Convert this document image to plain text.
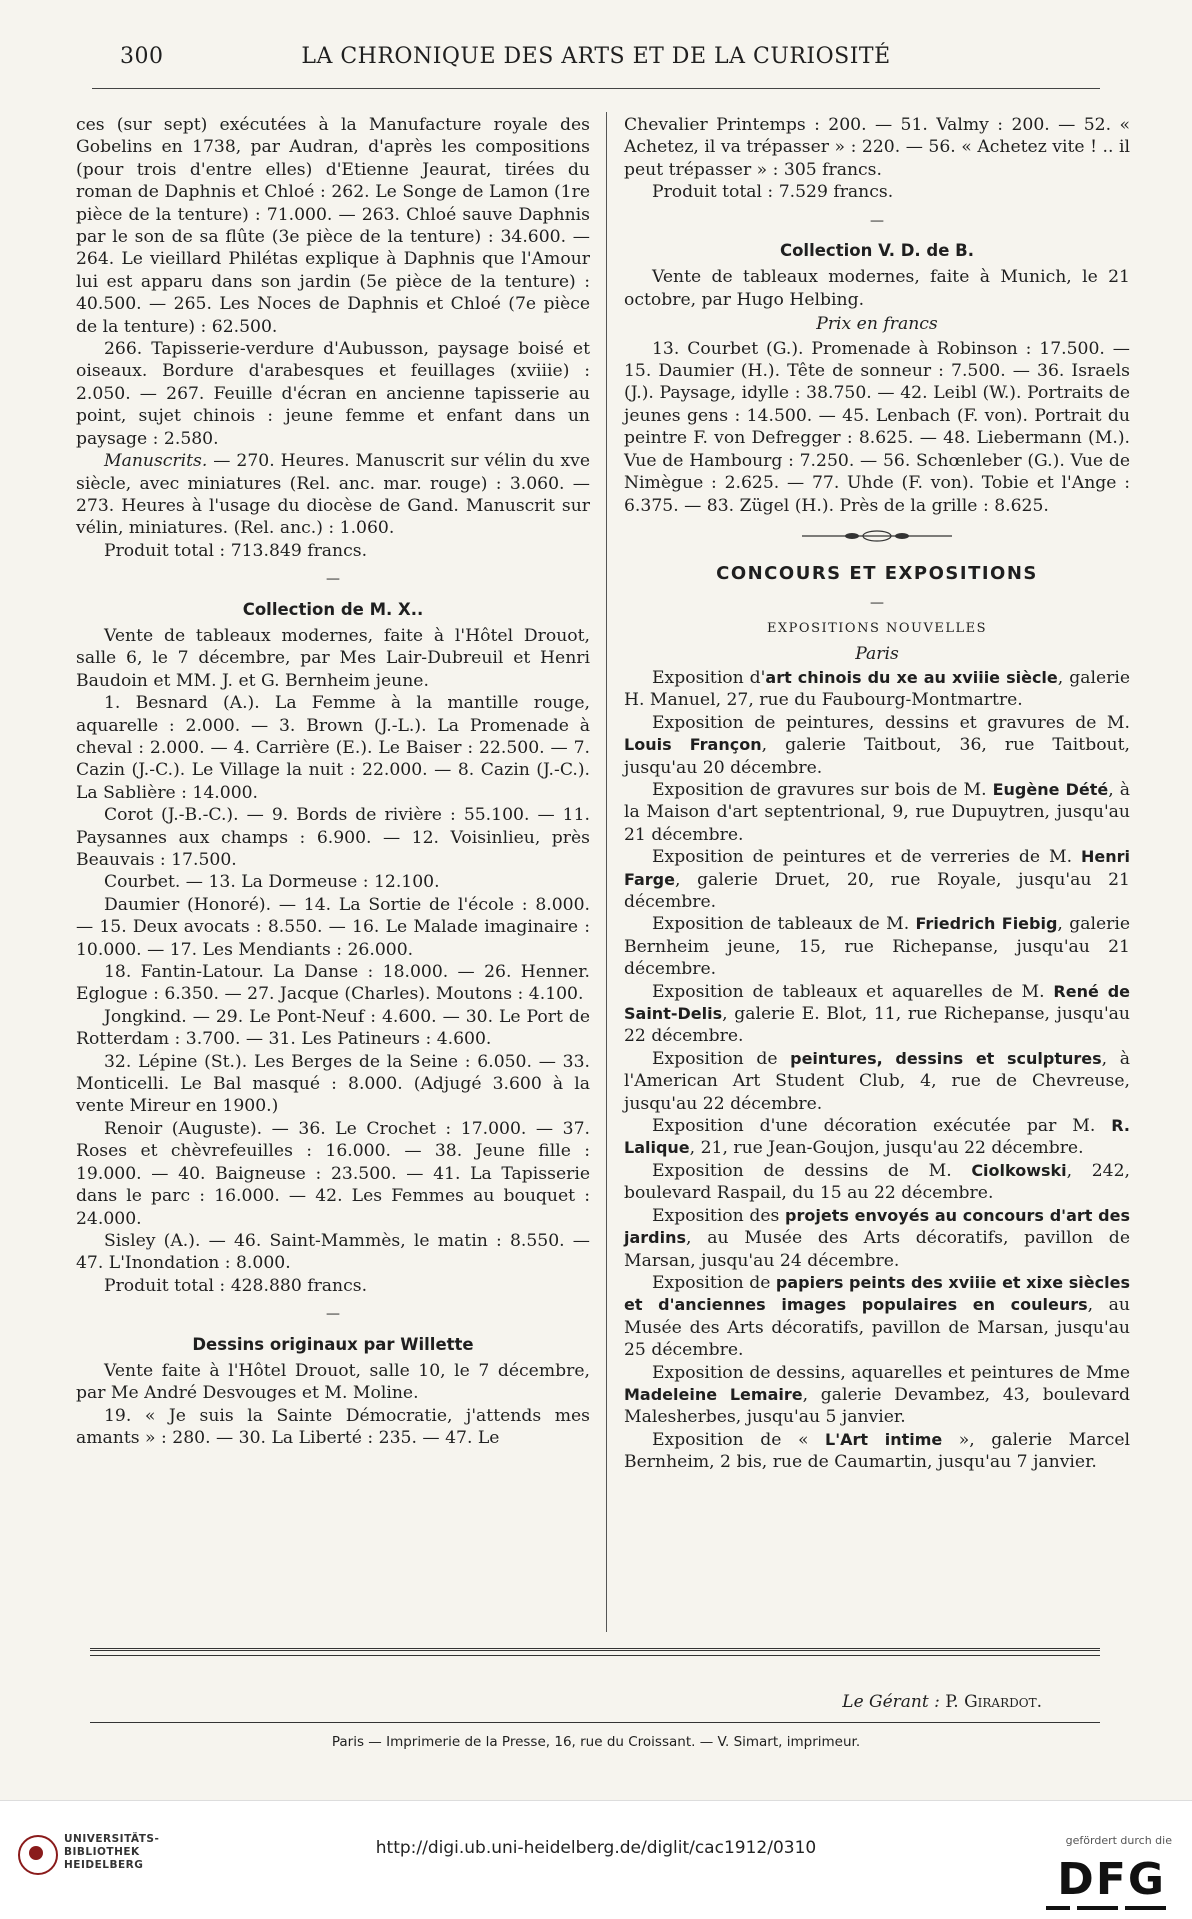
300	LA CHRONIQUE DES ARTS ET DE LA CURIOSITÉ

ces (sur sept) exécutées à la Manufacture royale des Gobelins en 1738, par Audran, d'après les compositions (pour trois d'entre elles) d'Etienne Jeaurat, tirées du roman de Daphnis et Chloé : 262. Le Songe de Lamon (1re pièce de la tenture) : 71.000. — 263. Chloé sauve Daphnis par le son de sa flûte (3e pièce de la tenture) : 34.600. — 264. Le vieillard Philétas explique à Daphnis que l'Amour lui est apparu dans son jardin (5e pièce de la tenture) : 40.500. — 265. Les Noces de Daphnis et Chloé (7e pièce de la tenture) : 62.500.

266. Tapisserie-verdure d'Aubusson, paysage boisé et oiseaux. Bordure d'arabesques et feuillages (xviiie) : 2.050. — 267. Feuille d'écran en ancienne tapisserie au point, sujet chinois : jeune femme et enfant dans un paysage : 2.580.

Manuscrits. — 270. Heures. Manuscrit sur vélin du xve siècle, avec miniatures (Rel. anc. mar. rouge) : 3.060. — 273. Heures à l'usage du diocèse de Gand. Manuscrit sur vélin, miniatures. (Rel. anc.) : 1.060.

Produit total : 713.849 francs.

—
Collection de M. X..

Vente de tableaux modernes, faite à l'Hôtel Drouot, salle 6, le 7 décembre, par Mes Lair-Dubreuil et Henri Baudoin et MM. J. et G. Bernheim jeune.

1. Besnard (A.). La Femme à la mantille rouge, aquarelle : 2.000. — 3. Brown (J.-L.). La Promenade à cheval : 2.000. — 4. Carrière (E.). Le Baiser : 22.500. — 7. Cazin (J.-C.). Le Village la nuit : 22.000. — 8. Cazin (J.-C.). La Sablière : 14.000.

Corot (J.-B.-C.). — 9. Bords de rivière : 55.100. — 11. Paysannes aux champs : 6.900. — 12. Voisinlieu, près Beauvais : 17.500.

Courbet. — 13. La Dormeuse : 12.100.

Daumier (Honoré). — 14. La Sortie de l'école : 8.000. — 15. Deux avocats : 8.550. — 16. Le Malade imaginaire : 10.000. — 17. Les Mendiants : 26.000.

18. Fantin-Latour. La Danse : 18.000. — 26. Henner. Eglogue : 6.350. — 27. Jacque (Charles). Moutons : 4.100.

Jongkind. — 29. Le Pont-Neuf : 4.600. — 30. Le Port de Rotterdam : 3.700. — 31. Les Patineurs : 4.600.

32. Lépine (St.). Les Berges de la Seine : 6.050. — 33. Monticelli. Le Bal masqué : 8.000. (Adjugé 3.600 à la vente Mireur en 1900.)

Renoir (Auguste). — 36. Le Crochet : 17.000. — 37. Roses et chèvrefeuilles : 16.000. — 38. Jeune fille : 19.000. — 40. Baigneuse : 23.500. — 41. La Tapisserie dans le parc : 16.000. — 42. Les Femmes au bouquet : 24.000.

Sisley (A.). — 46. Saint-Mammès, le matin : 8.550. — 47. L'Inondation : 8.000.

Produit total : 428.880 francs.

—
Dessins originaux par Willette

Vente faite à l'Hôtel Drouot, salle 10, le 7 décembre, par Me André Desvouges et M. Moline.

19. « Je suis la Sainte Démocratie, j'attends mes amants » : 280. — 30. La Liberté : 235. — 47. Le

Chevalier Printemps : 200. — 51. Valmy : 200. — 52. « Achetez, il va trépasser » : 220. — 56. « Achetez vite ! .. il peut trépasser » : 305 francs.

Produit total : 7.529 francs.

—
Collection V. D. de B.

Vente de tableaux modernes, faite à Munich, le 21 octobre, par Hugo Helbing.

Prix en francs

13. Courbet (G.). Promenade à Robinson : 17.500. — 15. Daumier (H.). Tête de sonneur : 7.500. — 36. Israels (J.). Paysage, idylle : 38.750. — 42. Leibl (W.). Portraits de jeunes gens : 14.500. — 45. Lenbach (F. von). Portrait du peintre F. von Defregger : 8.625. — 48. Liebermann (M.). Vue de Hambourg : 7.250. — 56. Schœnleber (G.). Vue de Nimègue : 2.625. — 77. Uhde (F. von). Tobie et l'Ange : 6.375. — 83. Zügel (H.). Près de la grille : 8.625.

CONCOURS ET EXPOSITIONS
—
EXPOSITIONS NOUVELLES
Paris

Exposition d'art chinois du xe au xviiie siècle, galerie H. Manuel, 27, rue du Faubourg-Montmartre.

Exposition de peintures, dessins et gravures de M. Louis Françon, galerie Taitbout, 36, rue Taitbout, jusqu'au 20 décembre.

Exposition de gravures sur bois de M. Eugène Dété, à la Maison d'art septentrional, 9, rue Dupuytren, jusqu'au 21 décembre.

Exposition de peintures et de verreries de M. Henri Farge, galerie Druet, 20, rue Royale, jusqu'au 21 décembre.

Exposition de tableaux de M. Friedrich Fiebig, galerie Bernheim jeune, 15, rue Richepanse, jusqu'au 21 décembre.

Exposition de tableaux et aquarelles de M. René de Saint-Delis, galerie E. Blot, 11, rue Richepanse, jusqu'au 22 décembre.

Exposition de peintures, dessins et sculptures, à l'American Art Student Club, 4, rue de Chevreuse, jusqu'au 22 décembre.

Exposition d'une décoration exécutée par M. R. Lalique, 21, rue Jean-Goujon, jusqu'au 22 décembre.

Exposition de dessins de M. Ciolkowski, 242, boulevard Raspail, du 15 au 22 décembre.

Exposition des projets envoyés au concours d'art des jardins, au Musée des Arts décoratifs, pavillon de Marsan, jusqu'au 24 décembre.

Exposition de papiers peints des xviiie et xixe siècles et d'anciennes images populaires en couleurs, au Musée des Arts décoratifs, pavillon de Marsan, jusqu'au 25 décembre.

Exposition de dessins, aquarelles et peintures de Mme Madeleine Lemaire, galerie Devambez, 43, boulevard Malesherbes, jusqu'au 5 janvier.

Exposition de « L'Art intime », galerie Marcel Bernheim, 2 bis, rue de Caumartin, jusqu'au 7 janvier.

Le Gérant : P. Girardot.
Paris — Imprimerie de la Presse, 16, rue du Croissant. — V. Simart, imprimeur.
UNIVERSITÄTS-
BIBLIOTHEK
HEIDELBERG
http://digi.ub.uni-heidelberg.de/diglit/cac1912/0310	gefördert durch die
DFG
